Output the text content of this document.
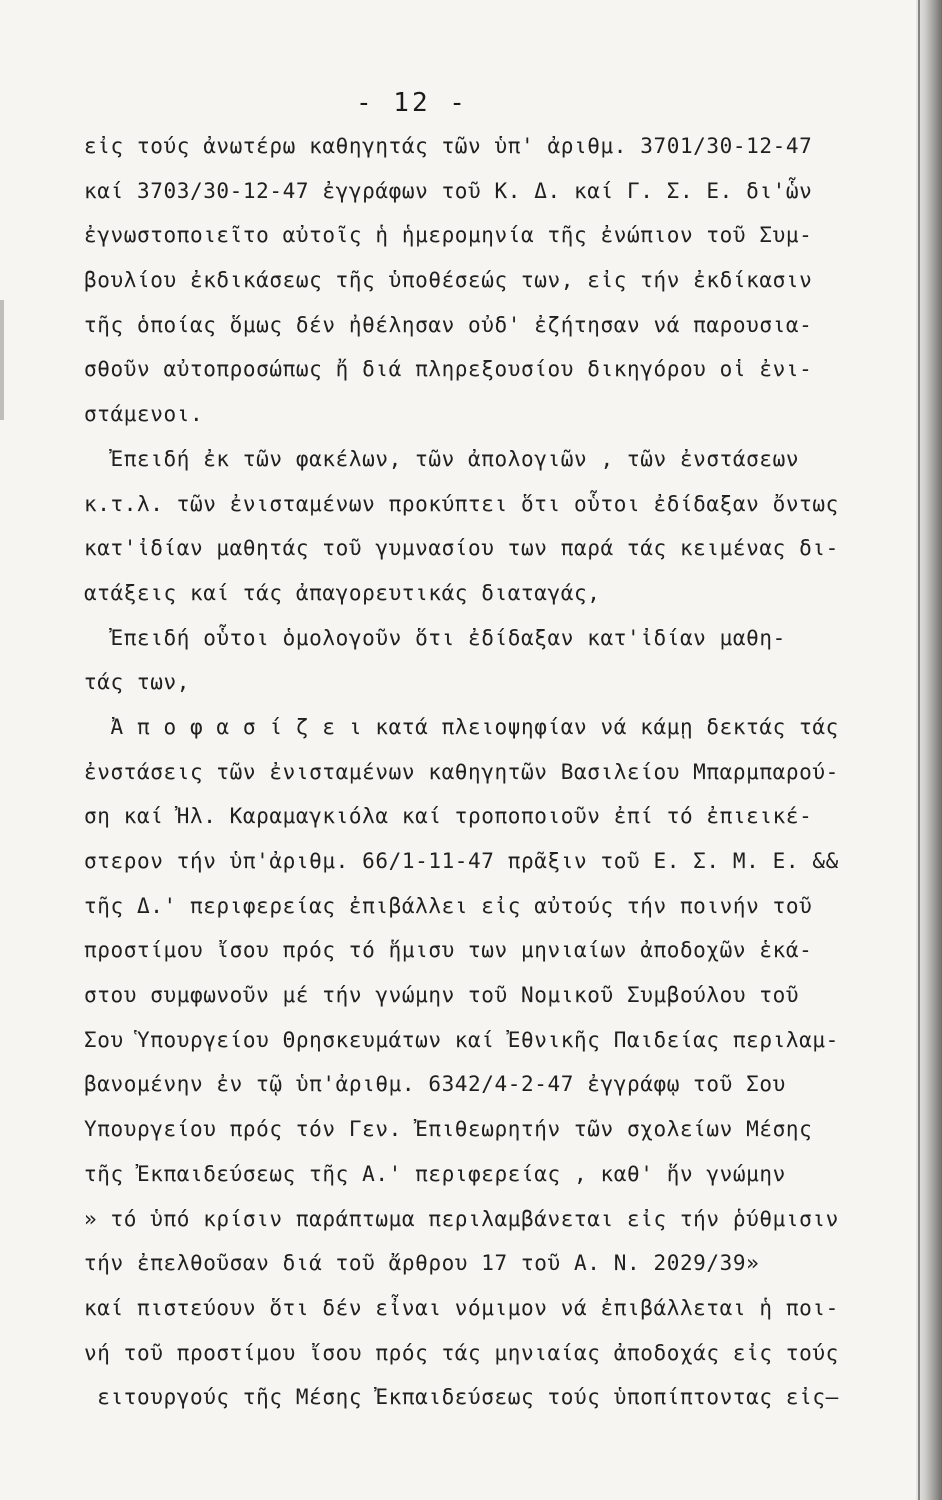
- 12 -

εἰς τούς ἀνωτέρω καθηγητάς τῶν ὑπ' ἀριθμ. 3701/30-12-47
καί 3703/30-12-47 ἐγγράφων τοῦ Κ. Δ. καί Γ. Σ. Ε. δι'ὧν
ἐγνωστοποιεῖτο αὐτοῖς ἡ ἡμερομηνία τῆς ἐνώπιον τοῦ Συμ-
βουλίου ἐκδικάσεως τῆς ὑποθέσεώς των, εἰς τήν ἐκδίκασιν
τῆς ὁποίας ὅμως δέν ἠθέλησαν οὐδ' ἐζήτησαν νά παρουσια-
σθοῦν αὐτοπροσώπως ἤ διά πληρεξουσίου δικηγόρου οἱ ἐνι-
στάμενοι.
Ἐπειδή ἐκ τῶν φακέλων, τῶν ἀπολογιῶν , τῶν ἐνστάσεων
κ.τ.λ. τῶν ἐνισταμένων προκύπτει ὅτι οὗτοι ἐδίδαξαν ὄντως
κατ'ἰδίαν μαθητάς τοῦ γυμνασίου των παρά τάς κειμένας δι-
ατάξεις καί τάς ἀπαγορευτικάς διαταγάς,
Ἐπειδή οὗτοι ὁμολογοῦν ὅτι ἐδίδαξαν κατ'ἰδίαν μαθη-
τάς των,
Ἀ π ο φ α σ ί ζ ε ι κατά πλειοψηφίαν νά κάμῃ δεκτάς τάς
ἐνστάσεις τῶν ἐνισταμένων καθηγητῶν Βασιλείου Μπαρμπαρού-
ση καί Ἠλ. Καραμαγκιόλα καί τροποποιοῦν ἐπί τό ἐπιεικέ-
στερον τήν ὑπ'ἀριθμ. 66/1-11-47 πρᾶξιν τοῦ Ε. Σ. Μ. Ε. &&
τῆς Δ.' περιφερείας ἐπιβάλλει εἰς αὐτούς τήν ποινήν τοῦ
προστίμου ἴσου πρός τό ἥμισυ των μηνιαίων ἀποδοχῶν ἑκά-
στου συμφωνοῦν μέ τήν γνώμην τοῦ Νομικοῦ Συμβούλου τοῦ
Σου Ὑπουργείου Θρησκευμάτων καί Ἐθνικῆς Παιδείας περιλαμ-
βανομένην ἐν τῷ ὑπ'ἀριθμ. 6342/4-2-47 ἐγγράφῳ τοῦ Σου
Ὑπουργείου πρός τόν Γεν. Ἐπιθεωρητήν τῶν σχολείων Μέσης
τῆς Ἐκπαιδεύσεως τῆς Α.' περιφερείας , καθ' ἥν γνώμην
» τό ὑπό κρίσιν παράπτωμα περιλαμβάνεται εἰς τήν ῥύθμισιν
τήν ἐπελθοῦσαν διά τοῦ ἄρθρου 17 τοῦ Α. Ν. 2029/39»
καί πιστεύουν ὅτι δέν εἶναι νόμιμον νά ἐπιβάλλεται ἡ ποι-
νή τοῦ προστίμου ἴσου πρός τάς μηνιαίας ἀποδοχάς εἰς τούς
ειτουργούς τῆς Μέσης Ἐκπαιδεύσεως τούς ὑποπίπτοντας εἰς—
